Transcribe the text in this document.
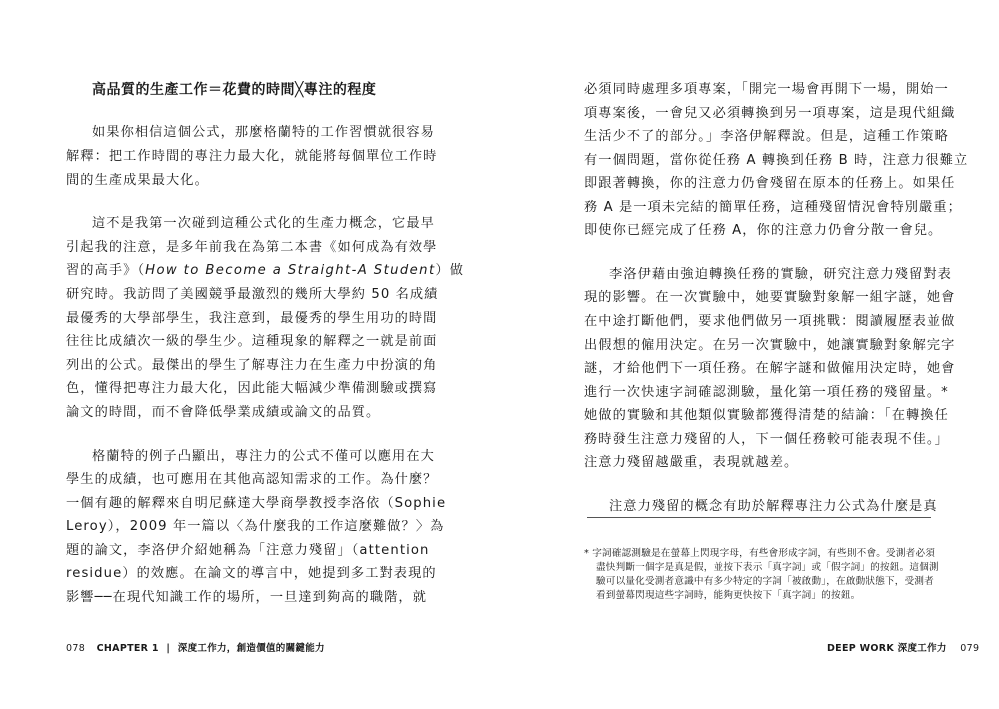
高品質的生產工作＝花費的時間╳專注的程度
如果你相信這個公式，那麼格蘭特的工作習慣就很容易
解釋：把工作時間的專注力最大化，就能將每個單位工作時
間的生產成果最大化。
這不是我第一次碰到這種公式化的生產力概念，它最早
引起我的注意，是多年前我在為第二本書《如何成為有效學
習的高手》（How to Become a Straight-A Student）做
研究時。我訪問了美國競爭最激烈的幾所大學約 50 名成績
最優秀的大學部學生，我注意到，最優秀的學生用功的時間
往往比成績次一級的學生少。這種現象的解釋之一就是前面
列出的公式。最傑出的學生了解專注力在生產力中扮演的角
色，懂得把專注力最大化，因此能大幅減少準備測驗或撰寫
論文的時間，而不會降低學業成績或論文的品質。
格蘭特的例子凸顯出，專注力的公式不僅可以應用在大
學生的成績，也可應用在其他高認知需求的工作。為什麼？
一個有趣的解釋來自明尼蘇達大學商學教授李洛依（Sophie
Leroy），2009 年一篇以〈為什麼我的工作這麼難做？〉為
題的論文，李洛伊介紹她稱為「注意力殘留」（attention
residue）的效應。在論文的導言中，她提到多工對表現的
影響──在現代知識工作的場所，一旦達到夠高的職階，就
078 CHAPTER 1 | 深度工作力，創造價值的關鍵能力
必須同時處理多項專案，「開完一場會再開下一場，開始一
項專案後，一會兒又必須轉換到另一項專案，這是現代組織
生活少不了的部分。」李洛伊解釋說。但是，這種工作策略
有一個問題，當你從任務 A 轉換到任務 B 時，注意力很難立
即跟著轉換，你的注意力仍會殘留在原本的任務上。如果任
務 A 是一項未完結的簡單任務，這種殘留情況會特別嚴重；
即使你已經完成了任務 A，你的注意力仍會分散一會兒。
李洛伊藉由強迫轉換任務的實驗，研究注意力殘留對表
現的影響。在一次實驗中，她要實驗對象解一組字謎，她會
在中途打斷他們，要求他們做另一項挑戰：閱讀履歷表並做
出假想的僱用決定。在另一次實驗中，她讓實驗對象解完字
謎，才給他們下一項任務。在解字謎和做僱用決定時，她會
進行一次快速字詞確認測驗，量化第一項任務的殘留量。*
她做的實驗和其他類似實驗都獲得清楚的結論：「在轉換任
務時發生注意力殘留的人，下一個任務較可能表現不佳。」
注意力殘留越嚴重，表現就越差。
注意力殘留的概念有助於解釋專注力公式為什麼是真
* 字詞確認測驗是在螢幕上閃現字母，有些會形成字詞，有些則不會。受測者必須
盡快判斷一個字是真是假，並按下表示「真字詞」或「假字詞」的按鈕。這個測
驗可以量化受測者意識中有多少特定的字詞「被啟動」，在啟動狀態下，受測者
看到螢幕閃現這些字詞時，能夠更快按下「真字詞」的按鈕。
DEEP WORK 深度工作力 079
